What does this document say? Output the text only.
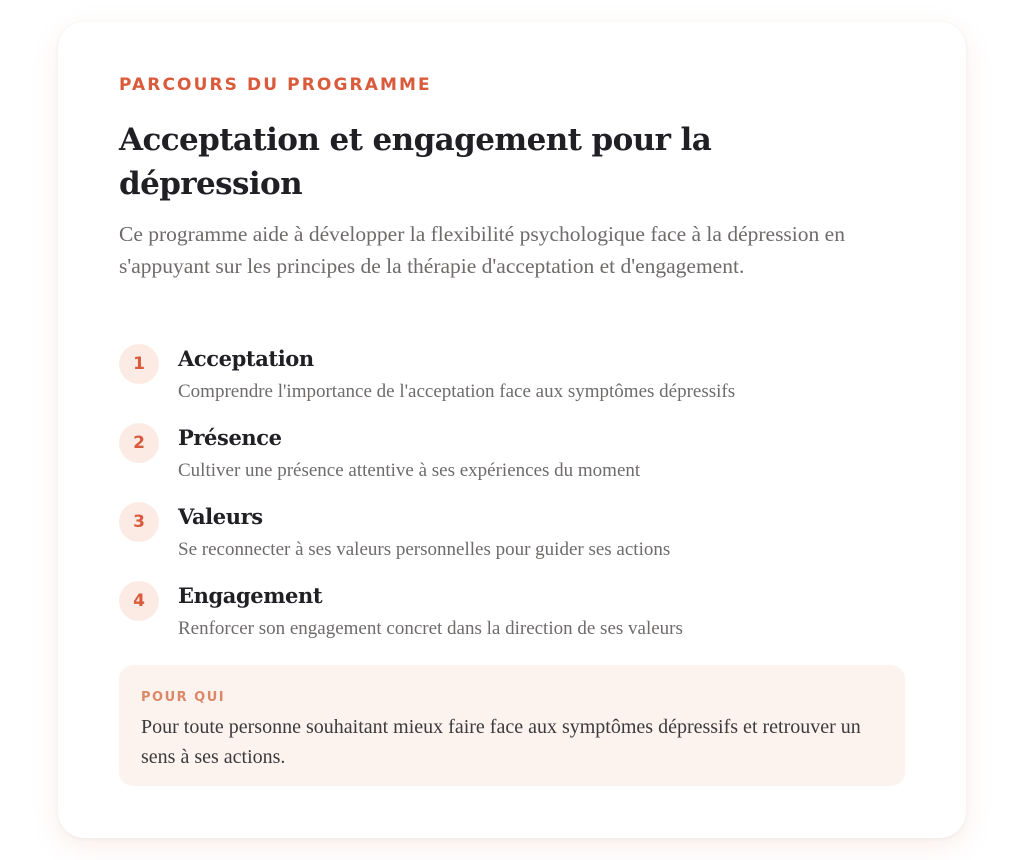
PARCOURS DU PROGRAMME
Acceptation et engagement pour la dépression

Ce programme aide à développer la flexibilité psychologique face à la dépression en s'appuyant sur les principes de la thérapie d'acceptation et d'engagement.

1	Acceptation
Comprendre l'importance de l'acceptation face aux symptômes dépressifs
2	Présence
Cultiver une présence attentive à ses expériences du moment
3	Valeurs
Se reconnecter à ses valeurs personnelles pour guider ses actions
4	Engagement
Renforcer son engagement concret dans la direction de ses valeurs
POUR QUI

Pour toute personne souhaitant mieux faire face aux symptômes dépressifs et retrouver un sens à ses actions.
